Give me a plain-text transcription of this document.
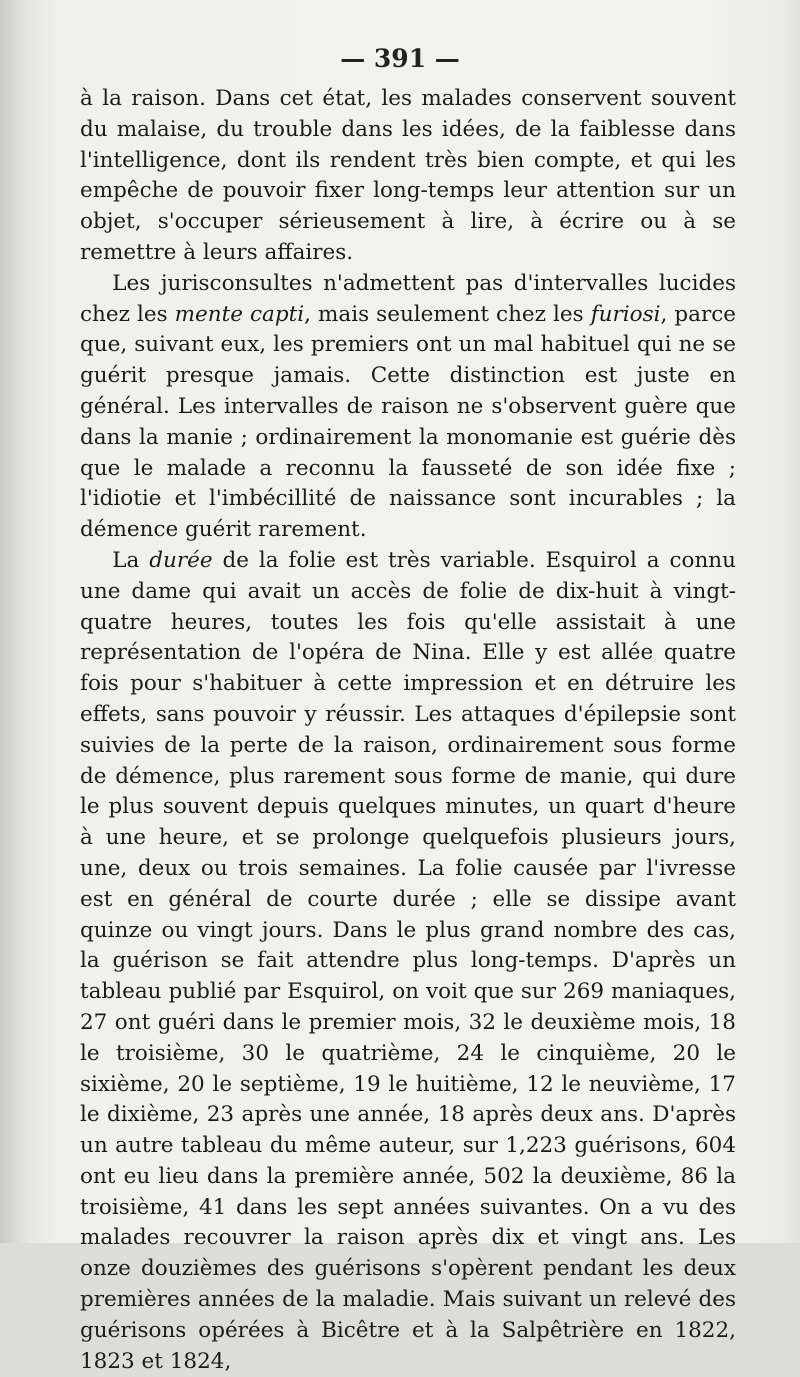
— 391 —

à la raison. Dans cet état, les malades conservent souvent du malaise, du trouble dans les idées, de la faiblesse dans l'intelligence, dont ils rendent très bien compte, et qui les empêche de pouvoir fixer long-temps leur attention sur un objet, s'occuper sérieusement à lire, à écrire ou à se remettre à leurs affaires.

Les jurisconsultes n'admettent pas d'intervalles lucides chez les mente capti, mais seulement chez les furiosi, parce que, suivant eux, les premiers ont un mal habituel qui ne se guérit presque jamais. Cette distinction est juste en général. Les intervalles de raison ne s'observent guère que dans la manie ; ordinairement la monomanie est guérie dès que le malade a reconnu la fausseté de son idée fixe ; l'idiotie et l'imbécillité de naissance sont incurables ; la démence guérit rarement.

La durée de la folie est très variable. Esquirol a connu une dame qui avait un accès de folie de dix-huit à vingt-quatre heures, toutes les fois qu'elle assistait à une représentation de l'opéra de Nina. Elle y est allée quatre fois pour s'habituer à cette impression et en détruire les effets, sans pouvoir y réussir. Les attaques d'épilepsie sont suivies de la perte de la raison, ordinairement sous forme de démence, plus rarement sous forme de manie, qui dure le plus souvent depuis quelques minutes, un quart d'heure à une heure, et se prolonge quelquefois plusieurs jours, une, deux ou trois semaines. La folie causée par l'ivresse est en général de courte durée ; elle se dissipe avant quinze ou vingt jours. Dans le plus grand nombre des cas, la guérison se fait attendre plus long-temps. D'après un tableau publié par Esquirol, on voit que sur 269 maniaques, 27 ont guéri dans le premier mois, 32 le deuxième mois, 18 le troisième, 30 le quatrième, 24 le cinquième, 20 le sixième, 20 le septième, 19 le huitième, 12 le neuvième, 17 le dixième, 23 après une année, 18 après deux ans. D'après un autre tableau du même auteur, sur 1,223 guérisons, 604 ont eu lieu dans la première année, 502 la deuxième, 86 la troisième, 41 dans les sept années suivantes. On a vu des malades recouvrer la raison après dix et vingt ans. Les onze douzièmes des guérisons s'opèrent pendant les deux premières années de la maladie. Mais suivant un relevé des guérisons opérées à Bicêtre et à la Salpêtrière en 1822, 1823 et 1824,
